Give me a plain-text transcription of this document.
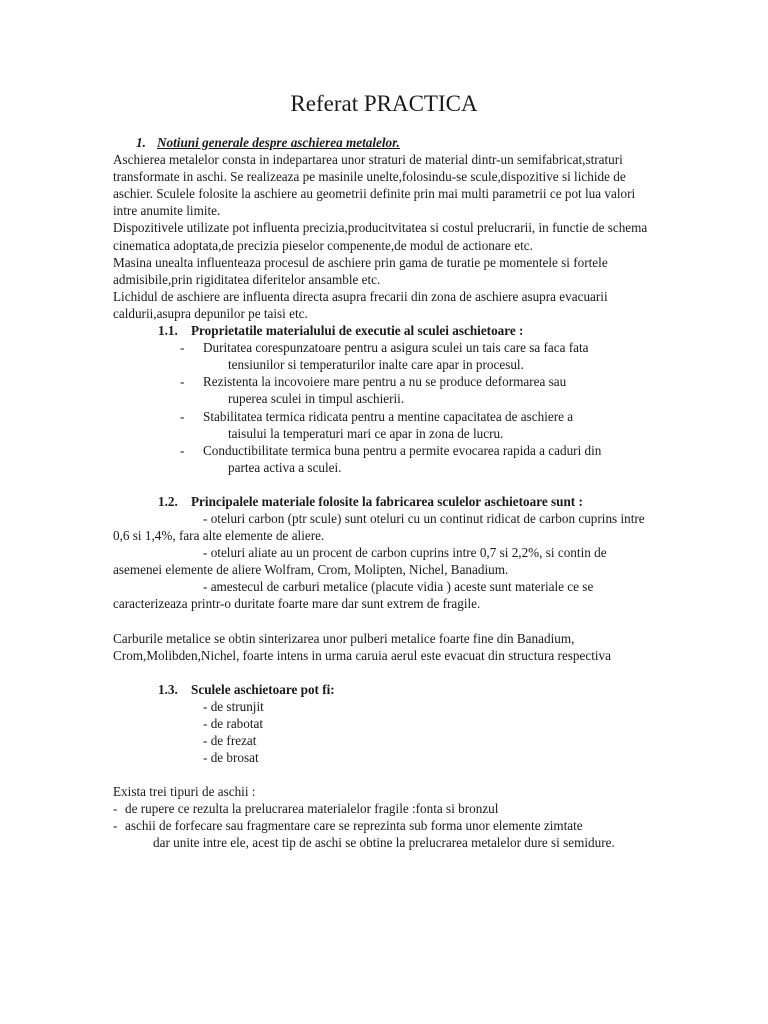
Referat PRACTICA
1. Notiuni generale despre aschierea metalelor.

Aschierea metalelor consta in indepartarea unor straturi de material dintr-un semifabricat,straturi transformate in aschi. Se realizeaza pe masinile unelte,folosindu-se scule,dispozitive si lichide de aschier. Sculele folosite la aschiere au geometrii definite prin mai multi parametrii ce pot lua valori intre anumite limite.

Dispozitivele utilizate pot influenta precizia,producitvitatea si costul prelucrarii, in functie de schema cinematica adoptata,de precizia pieselor compenente,de modul de actionare etc.

Masina unealta influenteaza procesul de aschiere prin gama de turatie pe momentele si fortele admisibile,prin rigiditatea diferitelor ansamble etc.

Lichidul de aschiere are influenta directa asupra frecarii din zona de aschiere asupra evacuarii caldurii,asupra depunilor pe taisi etc.

1.1. Proprietatile materialului de executie al sculei aschietoare :
- Duritatea corespunzatoare pentru a asigura sculei un tais care sa faca fata
tensiunilor si temperaturilor inalte care apar in procesul.
- Rezistenta la incovoiere mare pentru a nu se produce deformarea sau
ruperea sculei in timpul aschierii.
- Stabilitatea termica ridicata pentru a mentine capacitatea de aschiere a
taisului la temperaturi mari ce apar in zona de lucru.
- Conductibilitate termica buna pentru a permite evocarea rapida a caduri din
partea activa a sculei.
1.2. Principalele materiale folosite la fabricarea sculelor aschietoare sunt :

- oteluri carbon (ptr scule) sunt oteluri cu un continut ridicat de carbon cuprins intre 0,6 si 1,4%, fara alte elemente de aliere.

- oteluri aliate au un procent de carbon cuprins intre 0,7 si 2,2%, si contin de asemenei elemente de aliere Wolfram, Crom, Molipten, Nichel, Banadium.

- amestecul de carburi metalice (placute vidia ) aceste sunt materiale ce se caracterizeaza printr-o duritate foarte mare dar sunt extrem de fragile.

Carburile metalice se obtin sinterizarea unor pulberi metalice foarte fine din Banadium, Crom,Molibden,Nichel, foarte intens in urma caruia aerul este evacuat din structura respectiva

1.3. Sculele aschietoare pot fi:
- de strunjit
- de rabotat
- de frezat
- de brosat

Exista trei tipuri de aschii :

- de rupere ce rezulta la prelucrarea materialelor fragile :fonta si bronzul
- aschii de forfecare sau fragmentare care se reprezinta sub forma unor elemente zimtate
dar unite intre ele, acest tip de aschi se obtine la prelucrarea metalelor dure si semidure.
